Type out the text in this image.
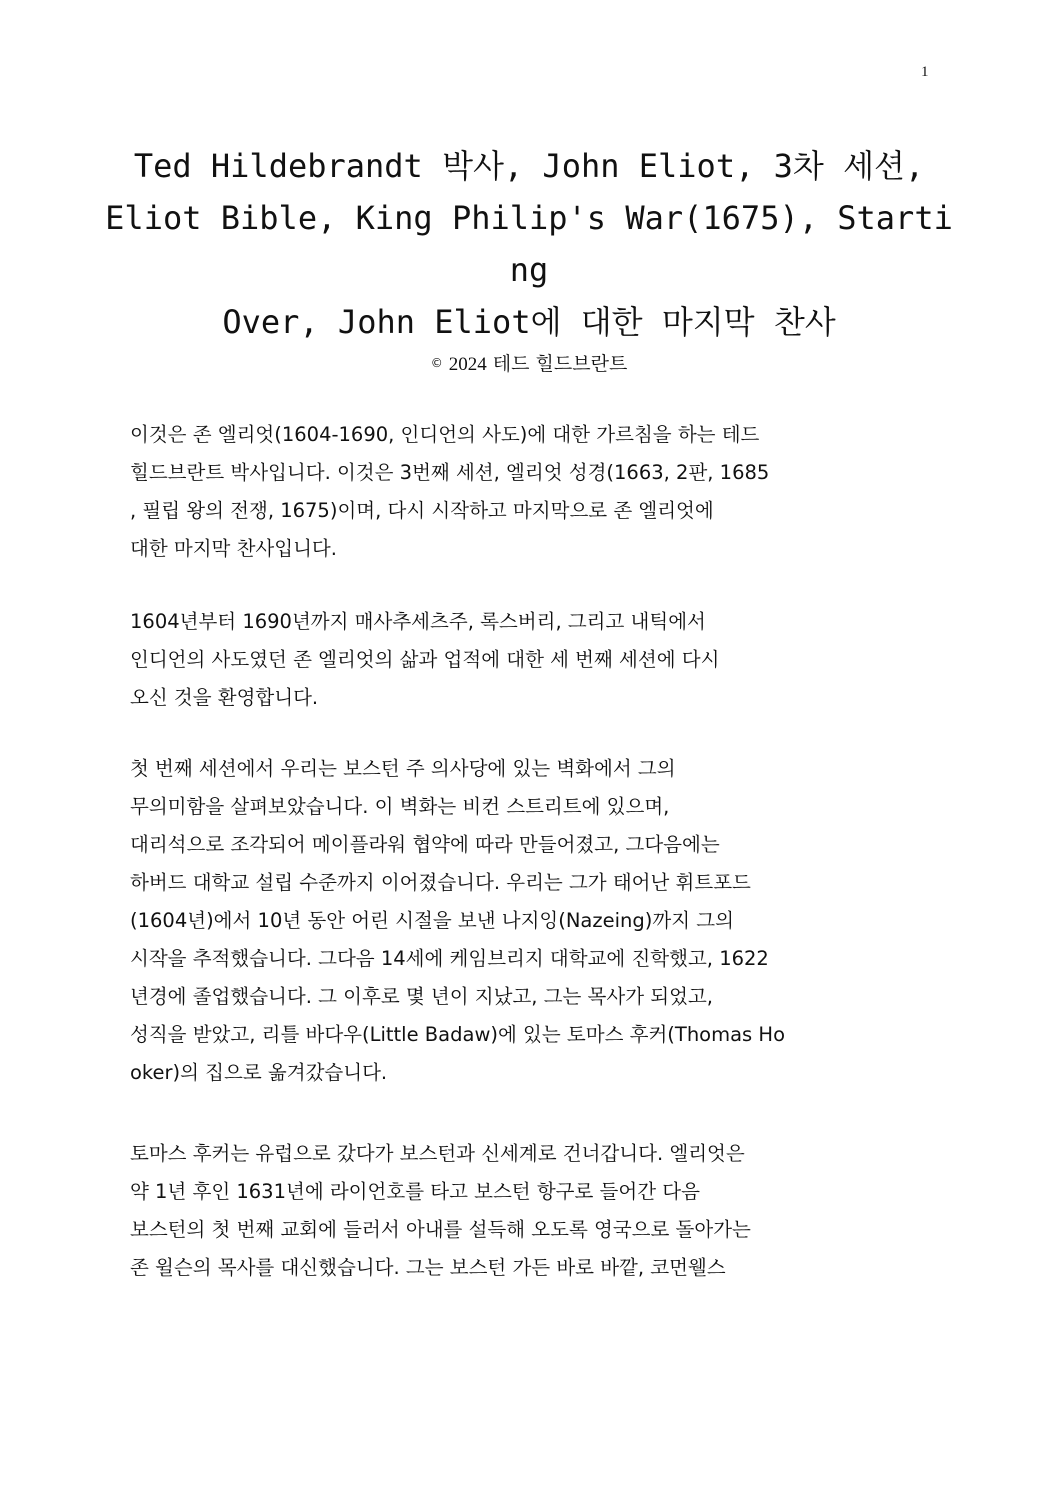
1
Ted Hildebrandt 박사, John Eliot, 3차 세션,
Eliot Bible, King Philip's War(1675), Starti
ng
Over, John Eliot에 대한 마지막 찬사
© 2024 테드 힐드브란트
이것은 존 엘리엇(1604-1690, 인디언의 사도)에 대한 가르침을 하는 테드
힐드브란트 박사입니다. 이것은 3번째 세션, 엘리엇 성경(1663, 2판, 1685
, 필립 왕의 전쟁, 1675)이며, 다시 시작하고 마지막으로 존 엘리엇에
대한 마지막 찬사입니다.
1604년부터 1690년까지 매사추세츠주, 록스버리, 그리고 내틱에서
인디언의 사도였던 존 엘리엇의 삶과 업적에 대한 세 번째 세션에 다시
오신 것을 환영합니다.
첫 번째 세션에서 우리는 보스턴 주 의사당에 있는 벽화에서 그의
무의미함을 살펴보았습니다. 이 벽화는 비컨 스트리트에 있으며,
대리석으로 조각되어 메이플라워 협약에 따라 만들어졌고, 그다음에는
하버드 대학교 설립 수준까지 이어졌습니다. 우리는 그가 태어난 휘트포드
(1604년)에서 10년 동안 어린 시절을 보낸 나지잉(Nazeing)까지 그의
시작을 추적했습니다. 그다음 14세에 케임브리지 대학교에 진학했고, 1622
년경에 졸업했습니다. 그 이후로 몇 년이 지났고, 그는 목사가 되었고,
성직을 받았고, 리틀 바다우(Little Badaw)에 있는 토마스 후커(Thomas Ho
oker)의 집으로 옮겨갔습니다.
토마스 후커는 유럽으로 갔다가 보스턴과 신세계로 건너갑니다. 엘리엇은
약 1년 후인 1631년에 라이언호를 타고 보스턴 항구로 들어간 다음
보스턴의 첫 번째 교회에 들러서 아내를 설득해 오도록 영국으로 돌아가는
존 윌슨의 목사를 대신했습니다. 그는 보스턴 가든 바로 바깥, 코먼웰스
